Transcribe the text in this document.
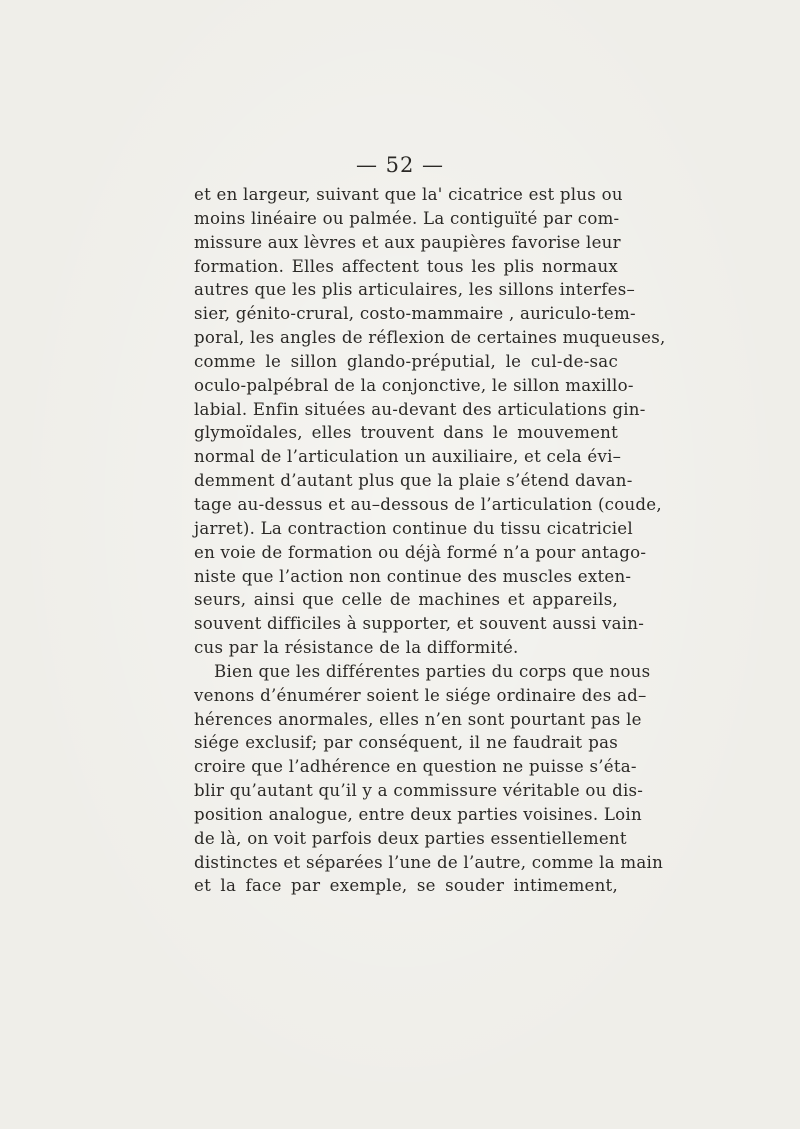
— 52 —
et en largeur, suivant que la' cicatrice est plus ou
moins linéaire ou palmée. La contiguïté par com-
missure aux lèvres et aux paupières favorise leur
formation. Elles affectent tous les plis normaux
autres que les plis articulaires, les sillons interfes–
sier, génito-crural, costo-mammaire , auriculo-tem-
poral, les angles de réflexion de certaines muqueuses,
comme le sillon glando-préputial, le cul-de-sac
oculo-palpébral de la conjonctive, le sillon maxillo-
labial. Enfin situées au-devant des articulations gin-
glymoïdales, elles trouvent dans le mouvement
normal de l’articulation un auxiliaire, et cela évi–
demment d’autant plus que la plaie s’étend davan-
tage au-dessus et au–dessous de l’articulation (coude,
jarret). La contraction continue du tissu cicatriciel
en voie de formation ou déjà formé n’a pour antago-
niste que l’action non continue des muscles exten-
seurs, ainsi que celle de machines et appareils,
souvent difficiles à supporter, et souvent aussi vain-
cus par la résistance de la difformité.
Bien que les différentes parties du corps que nous
venons d’énumérer soient le siége ordinaire des ad–
hérences anormales, elles n’en sont pourtant pas le
siége exclusif; par conséquent, il ne faudrait pas
croire que l’adhérence en question ne puisse s’éta-
blir qu’autant qu’il y a commissure véritable ou dis-
position analogue, entre deux parties voisines. Loin
de là, on voit parfois deux parties essentiellement
distinctes et séparées l’une de l’autre, comme la main
et la face par exemple, se souder intimement,
